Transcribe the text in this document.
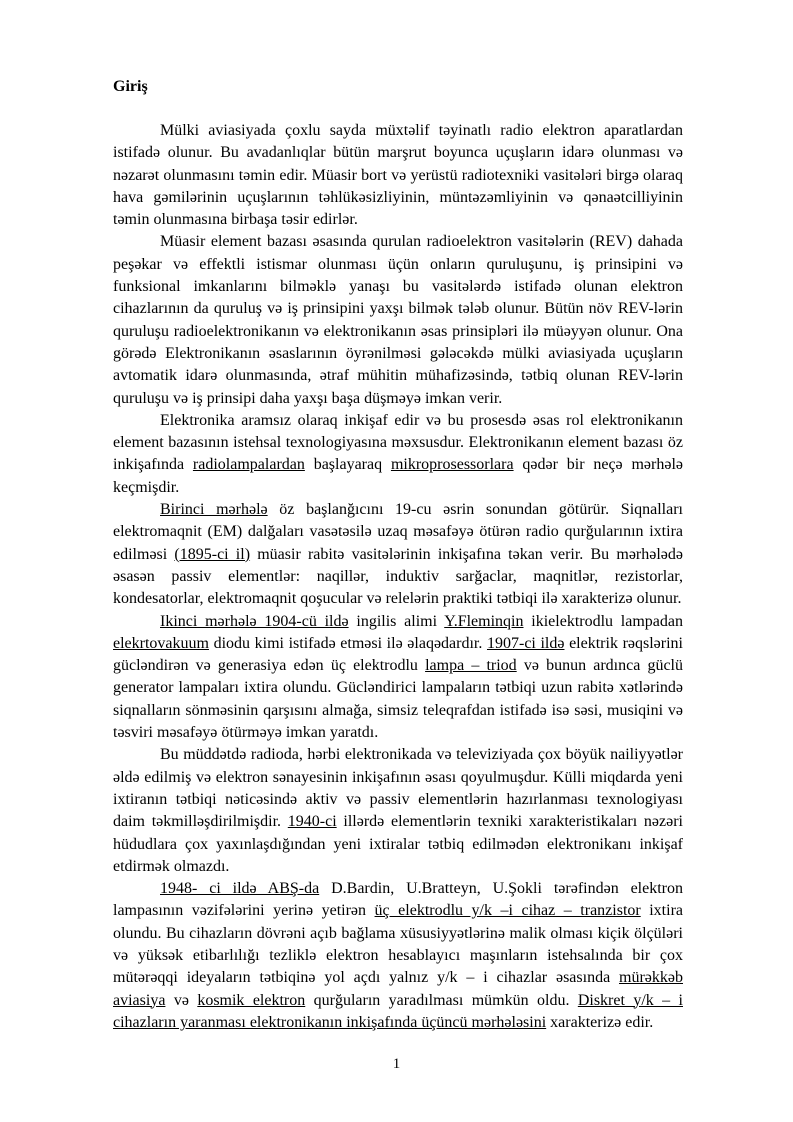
Giriş

Mülki aviasiyada çoxlu sayda müxtəlif təyinatlı radio elektron aparatlardan istifadə olunur. Bu avadanlıqlar bütün marşrut boyunca uçuşların idarə olunması və nəzarət olunmasını təmin edir. Müasir bort və yerüstü radiotexniki vasitələri birgə olaraq hava gəmilərinin uçuşlarının təhlükəsizliyinin, müntəzəmliyinin və qənaətcilliyinin təmin olunmasına birbaşa təsir edirlər.

Müasir element bazası əsasında qurulan radioelektron vasitələrin (REV) dahada peşəkar və effektli istismar olunması üçün onların quruluşunu, iş prinsipini və funksional imkanlarını bilməklə yanaşı bu vasitələrdə istifadə olunan elektron cihazlarının da quruluş və iş prinsipini yaxşı bilmək tələb olunur. Bütün növ REV-lərin quruluşu radioelektronikanın və elektronikanın əsas prinsipləri ilə müəyyən olunur. Ona görədə Elektronikanın əsaslarının öyrənilməsi gələcəkdə mülki aviasiyada uçuşların avtomatik idarə olunmasında, ətraf mühitin mühafizəsində, tətbiq olunan REV-lərin quruluşu və iş prinsipi daha yaxşı başa düşməyə imkan verir.

Elektronika aramsız olaraq inkişaf edir və bu prosesdə əsas rol elektronikanın element bazasının istehsal texnologiyasına məxsusdur. Elektronikanın element bazası öz inkişafında radiolampalardan başlayaraq mikroprosessorlara qədər bir neçə mərhələ keçmişdir.

Birinci mərhələ öz başlanğıcını 19-cu əsrin sonundan götürür. Siqnalları elektromaqnit (EM) dalğaları vasətəsilə uzaq məsafəyə ötürən radio qurğularının ixtira edilməsi (1895-ci il) müasir rabitə vasitələrinin inkişafına təkan verir. Bu mərhələdə əsasən passiv elementlər: naqillər, induktiv sarğaclar, maqnitlər, rezistorlar, kondesatorlar, elektromaqnit qoşucular və relelərin praktiki tətbiqi ilə xarakterizə olunur.

Ikinci mərhələ 1904-cü ildə ingilis alimi Y.Fleminqin ikielektrodlu lampadan elekrtovakuum diodu kimi istifadə etməsi ilə əlaqədardır. 1907-ci ildə elektrik rəqslərini gücləndirən və generasiya edən üç elektrodlu lampa – triod və bunun ardınca güclü generator lampaları ixtira olundu. Gücləndirici lampaların tətbiqi uzun rabitə xətlərində siqnalların sönməsinin qarşısını almağa, simsiz teleqrafdan istifadə isə səsi, musiqini və təsviri məsafəyə ötürməyə imkan yaratdı.

Bu müddətdə radioda, hərbi elektronikada və televiziyada çox böyük nailiyyətlər əldə edilmiş və elektron sənayesinin inkişafının əsası qoyulmuşdur. Külli miqdarda yeni ixtiranın tətbiqi nəticəsində aktiv və passiv elementlərin hazırlanması texnologiyası daim təkmilləşdirilmişdir. 1940-ci illərdə elementlərin texniki xarakteristikaları nəzəri hüdudlara çox yaxınlaşdığından yeni ixtiralar tətbiq edilmədən elektronikanı inkişaf etdirmək olmazdı.

1948- ci ildə ABŞ-da D.Bardin, U.Bratteyn, U.Şokli tərəfindən elektron lampasının vəzifələrini yerinə yetirən üç elektrodlu y/k –i cihaz – tranzistor ixtira olundu. Bu cihazların dövrəni açıb bağlama xüsusiyyətlərinə malik olması kiçik ölçüləri və yüksək etibarlılığı tezliklə elektron hesablayıcı maşınların istehsalında bir çox mütərəqqi ideyaların tətbiqinə yol açdı yalnız y/k – i cihazlar əsasında mürəkkəb aviasiya və kosmik elektron qurğuların yaradılması mümkün oldu. Diskret y/k – i cihazların yaranması elektronikanın inkişafında üçüncü mərhələsini xarakterizə edir.

1
